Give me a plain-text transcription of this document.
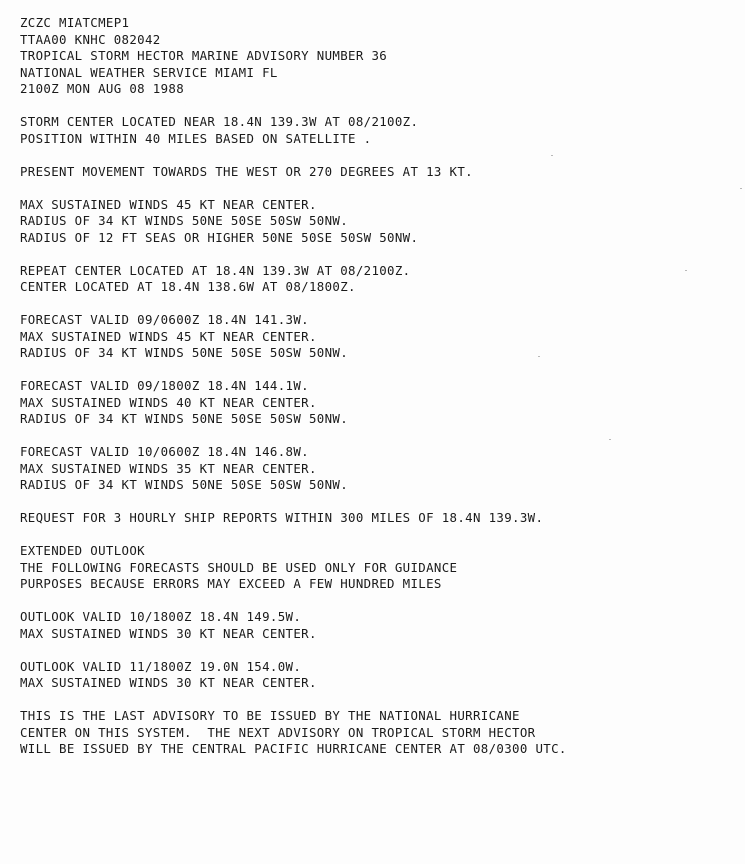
ZCZC MIATCMEP1
TTAA00 KNHC 082042
TROPICAL STORM HECTOR MARINE ADVISORY NUMBER 36
NATIONAL WEATHER SERVICE MIAMI FL
2100Z MON AUG 08 1988
STORM CENTER LOCATED NEAR 18.4N 139.3W AT 08/2100Z.
POSITION WITHIN 40 MILES BASED ON SATELLITE .
PRESENT MOVEMENT TOWARDS THE WEST OR 270 DEGREES AT 13 KT.
MAX SUSTAINED WINDS 45 KT NEAR CENTER.
RADIUS OF 34 KT WINDS 50NE 50SE 50SW 50NW.
RADIUS OF 12 FT SEAS OR HIGHER 50NE 50SE 50SW 50NW.
REPEAT CENTER LOCATED AT 18.4N 139.3W AT 08/2100Z.
CENTER LOCATED AT 18.4N 138.6W AT 08/1800Z.
FORECAST VALID 09/0600Z 18.4N 141.3W.
MAX SUSTAINED WINDS 45 KT NEAR CENTER.
RADIUS OF 34 KT WINDS 50NE 50SE 50SW 50NW.
FORECAST VALID 09/1800Z 18.4N 144.1W.
MAX SUSTAINED WINDS 40 KT NEAR CENTER.
RADIUS OF 34 KT WINDS 50NE 50SE 50SW 50NW.
FORECAST VALID 10/0600Z 18.4N 146.8W.
MAX SUSTAINED WINDS 35 KT NEAR CENTER.
RADIUS OF 34 KT WINDS 50NE 50SE 50SW 50NW.
REQUEST FOR 3 HOURLY SHIP REPORTS WITHIN 300 MILES OF 18.4N 139.3W.
EXTENDED OUTLOOK
THE FOLLOWING FORECASTS SHOULD BE USED ONLY FOR GUIDANCE
PURPOSES BECAUSE ERRORS MAY EXCEED A FEW HUNDRED MILES
OUTLOOK VALID 10/1800Z 18.4N 149.5W.
MAX SUSTAINED WINDS 30 KT NEAR CENTER.
OUTLOOK VALID 11/1800Z 19.0N 154.0W.
MAX SUSTAINED WINDS 30 KT NEAR CENTER.
THIS IS THE LAST ADVISORY TO BE ISSUED BY THE NATIONAL HURRICANE
CENTER ON THIS SYSTEM.  THE NEXT ADVISORY ON TROPICAL STORM HECTOR
WILL BE ISSUED BY THE CENTRAL PACIFIC HURRICANE CENTER AT 08/0300 UTC.
